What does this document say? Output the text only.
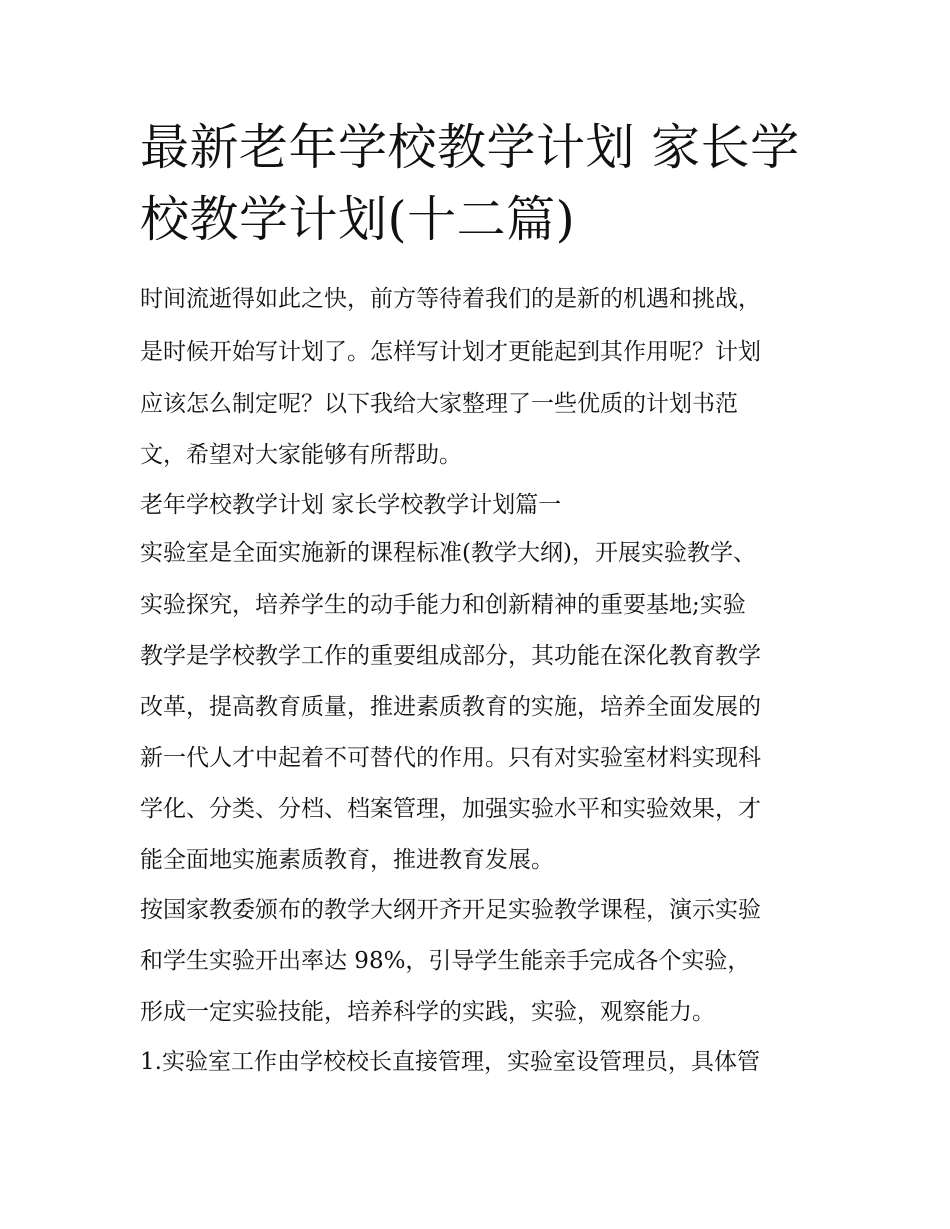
最新老年学校教学计划 家长学
校教学计划(十二篇)

时间流逝得如此之快，前方等待着我们的是新的机遇和挑战，

是时候开始写计划了。怎样写计划才更能起到其作用呢？计划

应该怎么制定呢？以下我给大家整理了一些优质的计划书范

文，希望对大家能够有所帮助。

老年学校教学计划 家长学校教学计划篇一

实验室是全面实施新的课程标准(教学大纲)，开展实验教学、

实验探究，培养学生的动手能力和创新精神的重要基地;实验

教学是学校教学工作的重要组成部分，其功能在深化教育教学

改革，提高教育质量，推进素质教育的实施，培养全面发展的

新一代人才中起着不可替代的作用。只有对实验室材料实现科

学化、分类、分档、档案管理，加强实验水平和实验效果，才

能全面地实施素质教育，推进教育发展。

按国家教委颁布的教学大纲开齐开足实验教学课程，演示实验

和学生实验开出率达 98%，引导学生能亲手完成各个实验，

形成一定实验技能，培养科学的实践，实验，观察能力。

1.实验室工作由学校校长直接管理，实验室设管理员，具体管
